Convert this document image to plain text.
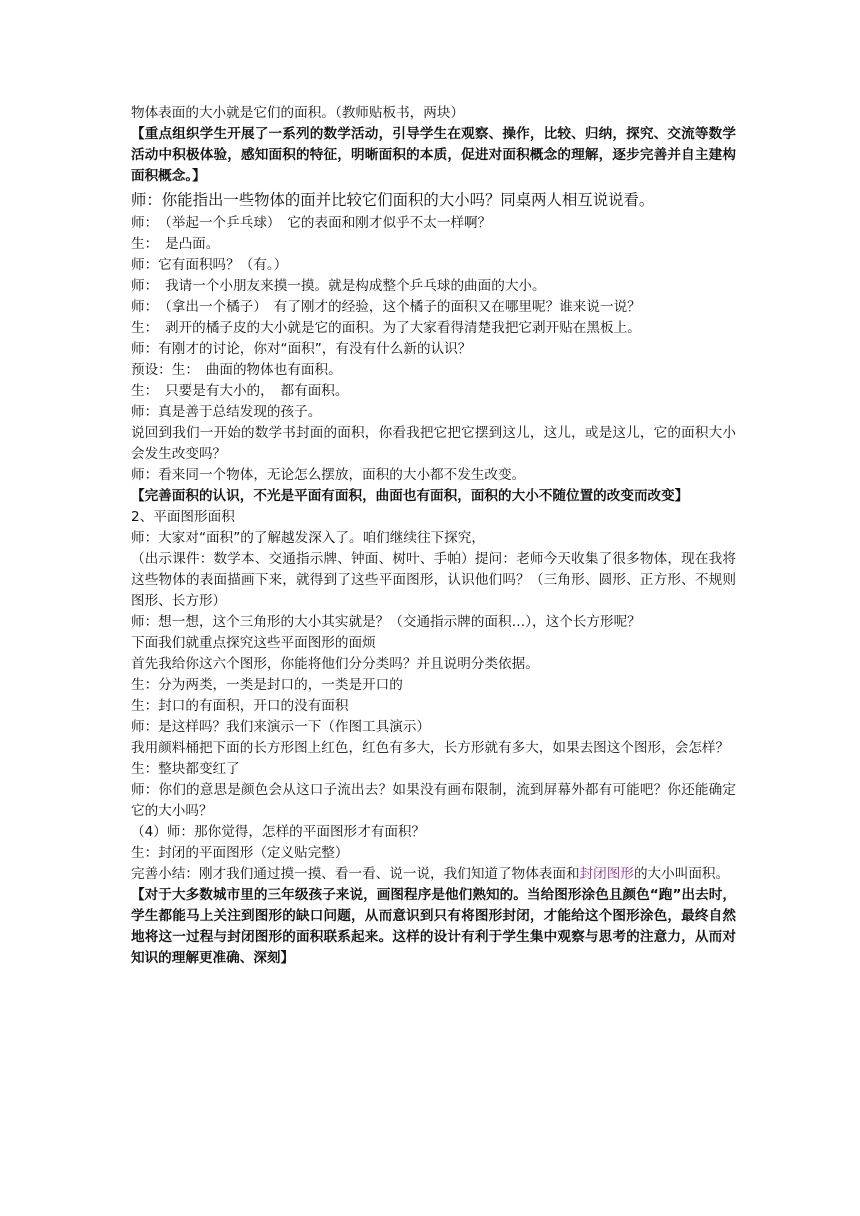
物体表面的大小就是它们的面积。（教师贴板书，两块）

【重点组织学生开展了一系列的数学活动，引导学生在观察、操作，比较、归纳，探究、交流等数学活动中积极体验，感知面积的特征，明晰面积的本质，促进对面积概念的理解，逐步完善并自主建构面积概念。】

师：你能指出一些物体的面并比较它们面积的大小吗？同桌两人相互说说看。

师：　（举起一个乒乓球）　它的表面和刚才似乎不太一样啊？

生：　是凸面。

师：它有面积吗？（有。）

师：　我请一个小朋友来摸一摸。就是构成整个乒乓球的曲面的大小。

师：　（拿出一个橘子）　有了刚才的经验，这个橘子的面积又在哪里呢？谁来说一说？

生：　剥开的橘子皮的大小就是它的面积。为了大家看得清楚我把它剥开贴在黑板上。

师：有刚才的讨论，你对“面积”，有没有什么新的认识？

预设：生：　曲面的物体也有面积。

生：　只要是有大小的，　都有面积。

师：真是善于总结发现的孩子。

说回到我们一开始的数学书封面的面积，你看我把它把它摆到这儿，这儿，或是这儿，它的面积大小会发生改变吗？

师：看来同一个物体，无论怎么摆放，面积的大小都不发生改变。

【完善面积的认识，不光是平面有面积，曲面也有面积，面积的大小不随位置的改变而改变】

2、平面图形面积

师：大家对“面积”的了解越发深入了。咱们继续往下探究，

（出示课件：数学本、交通指示牌、钟面、树叶、手帕）提问：老师今天收集了很多物体，现在我将这些物体的表面描画下来，就得到了这些平面图形，认识他们吗？（三角形、圆形、正方形、不规则图形、长方形）

师：想一想，这个三角形的大小其实就是？（交通指示牌的面积…），这个长方形呢？

下面我们就重点探究这些平面图形的面烦

首先我给你这六个图形，你能将他们分分类吗？并且说明分类依据。

生：分为两类，一类是封口的，一类是开口的

生：封口的有面积，开口的没有面积

师：是这样吗？我们来演示一下（作图工具演示）

我用颜料桶把下面的长方形图上红色，红色有多大，长方形就有多大，如果去图这个图形，会怎样？

生：整块都变红了

师：你们的意思是颜色会从这口子流出去？如果没有画布限制，流到屏幕外都有可能吧？你还能确定它的大小吗？

（4）师：那你觉得，怎样的平面图形才有面积？

生：封闭的平面图形（定义贴完整）

完善小结：刚才我们通过摸一摸、看一看、说一说，我们知道了物体表面和封闭图形的大小叫面积。

【对于大多数城市里的三年级孩子来说，画图程序是他们熟知的。当给图形涂色且颜色“跑”出去时，学生都能马上关注到图形的缺口问题，从而意识到只有将图形封闭，才能给这个图形涂色，最终自然地将这一过程与封闭图形的面积联系起来。这样的设计有利于学生集中观察与思考的注意力，从而对知识的理解更准确、深刻】
